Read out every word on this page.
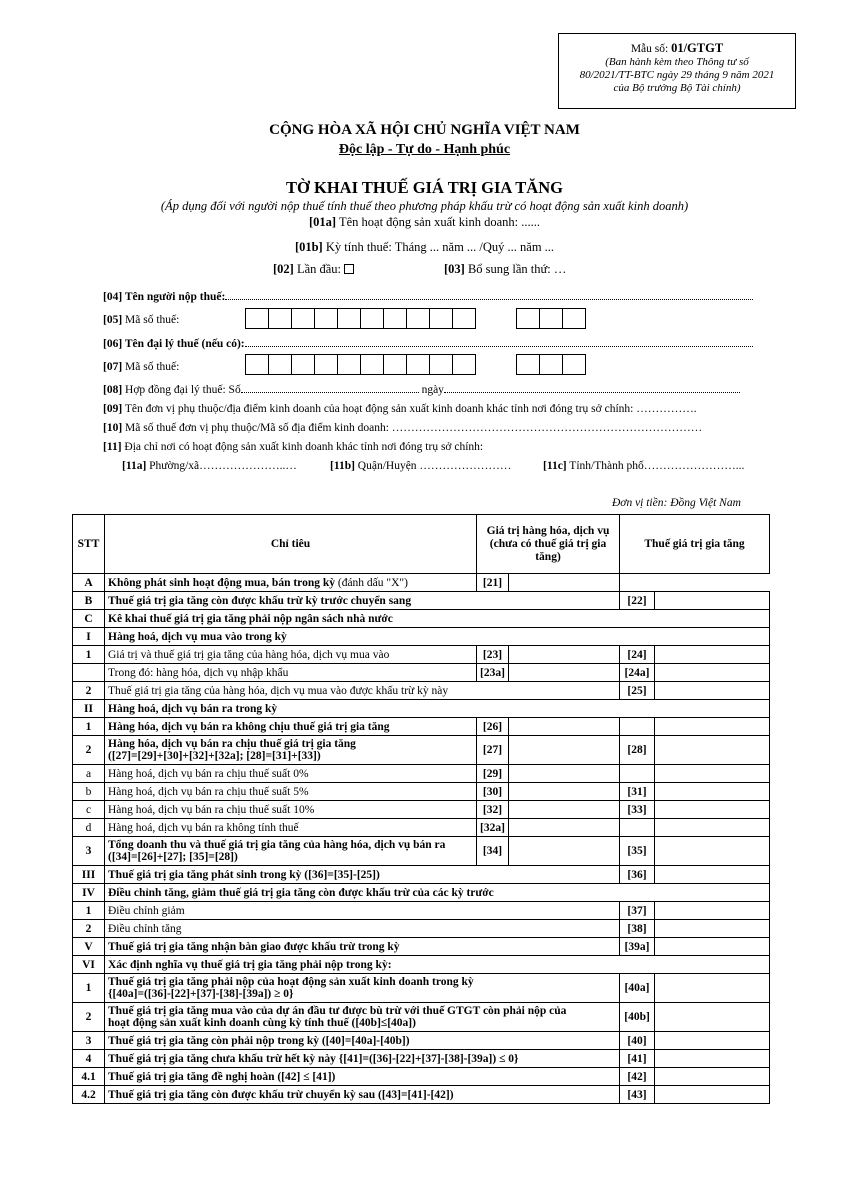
Mẫu số: 01/GTGT
(Ban hành kèm theo Thông tư số
80/2021/TT-BTC ngày 29 tháng 9 năm 2021
của Bộ trưởng Bộ Tài chính)
CỘNG HÒA XÃ HỘI CHỦ NGHĨA VIỆT NAM
Độc lập - Tự do - Hạnh phúc
TỜ KHAI THUẾ GIÁ TRỊ GIA TĂNG
(Áp dụng đối với người nộp thuế tính thuế theo phương pháp khấu trừ có hoạt động sản xuất kinh doanh)
[01a] Tên hoạt động sản xuất kinh doanh: ......
[01b] Kỳ tính thuế: Tháng ... năm ... /Quý ... năm ...
[02] Lần đầu:	[03] Bổ sung lần thứ: …
[04] Tên người nộp thuế:
[05] Mã số thuế:
[06] Tên đại lý thuế (nếu có):
[07] Mã số thuế:
[08] Hợp đồng đại lý thuế: Số	ngày
[09] Tên đơn vị phụ thuộc/địa điểm kinh doanh của hoạt động sản xuất kinh doanh khác tỉnh nơi đóng trụ sở chính: …………….
[10] Mã số thuế đơn vị phụ thuộc/Mã số địa điểm kinh doanh: ………………………………………………………………………
[11] Địa chỉ nơi có hoạt động sản xuất kinh doanh khác tỉnh nơi đóng trụ sở chính:
[11a] Phường/xã…………………..…	[11b] Quận/Huyện ……………………	[11c] Tỉnh/Thành phố……………………...
Đơn vị tiền: Đồng Việt Nam
STT	Chỉ tiêu	Giá trị hàng hóa, dịch vụ (chưa có thuế giá trị gia tăng)		Thuế giá trị gia tăng	
A	Không phát sinh hoạt động mua, bán trong kỳ (đánh dấu "X")	[21]			
B	Thuế giá trị gia tăng còn được khấu trừ kỳ trước chuyển sang			[22]	
C	Kê khai thuế giá trị gia tăng phải nộp ngân sách nhà nước				
I	Hàng hoá, dịch vụ mua vào trong kỳ				
1	Giá trị và thuế giá trị gia tăng của hàng hóa, dịch vụ mua vào	[23]		[24]	
	Trong đó: hàng hóa, dịch vụ nhập khẩu	[23a]		[24a]	
2	Thuế giá trị gia tăng của hàng hóa, dịch vụ mua vào được khấu trừ kỳ này			[25]	
II	Hàng hoá, dịch vụ bán ra trong kỳ				
1	Hàng hóa, dịch vụ bán ra không chịu thuế giá trị gia tăng	[26]			
2	Hàng hóa, dịch vụ bán ra chịu thuế giá trị gia tăng
([27]=[29]+[30]+[32]+[32a]; [28]=[31]+[33])	[27]		[28]	
a	Hàng hoá, dịch vụ bán ra chịu thuế suất 0%	[29]			
b	Hàng hoá, dịch vụ bán ra chịu thuế suất 5%	[30]		[31]	
c	Hàng hoá, dịch vụ bán ra chịu thuế suất 10%	[32]		[33]	
d	Hàng hoá, dịch vụ bán ra không tính thuế	[32a]			
3	Tổng doanh thu và thuế giá trị gia tăng của hàng hóa, dịch vụ bán ra
([34]=[26]+[27]; [35]=[28])	[34]		[35]	
III	Thuế giá trị gia tăng phát sinh trong kỳ ([36]=[35]-[25])			[36]	
IV	Điều chỉnh tăng, giảm thuế giá trị gia tăng còn được khấu trừ của các kỳ trước				
1	Điều chỉnh giảm			[37]	
2	Điều chỉnh tăng			[38]	
V	Thuế giá trị gia tăng nhận bàn giao được khấu trừ trong kỳ			[39a]	
VI	Xác định nghĩa vụ thuế giá trị gia tăng phải nộp trong kỳ:				
1	Thuế giá trị gia tăng phải nộp của hoạt động sản xuất kinh doanh trong kỳ
{[40a]=([36]-[22]+[37]-[38]-[39a]) ≥ 0}			[40a]	
2	Thuế giá trị gia tăng mua vào của dự án đầu tư được bù trừ với thuế GTGT còn phải nộp của
hoạt động sản xuất kinh doanh cùng kỳ tính thuế ([40b]≤[40a])			[40b]	
3	Thuế giá trị gia tăng còn phải nộp trong kỳ ([40]=[40a]-[40b])			[40]	
4	Thuế giá trị gia tăng chưa khấu trừ hết kỳ này {[41]=([36]-[22]+[37]-[38]-[39a]) ≤ 0}			[41]	
4.1	Thuế giá trị gia tăng đề nghị hoàn ([42] ≤ [41])			[42]	
4.2	Thuế giá trị gia tăng còn được khấu trừ chuyển kỳ sau ([43]=[41]-[42])			[43]	
